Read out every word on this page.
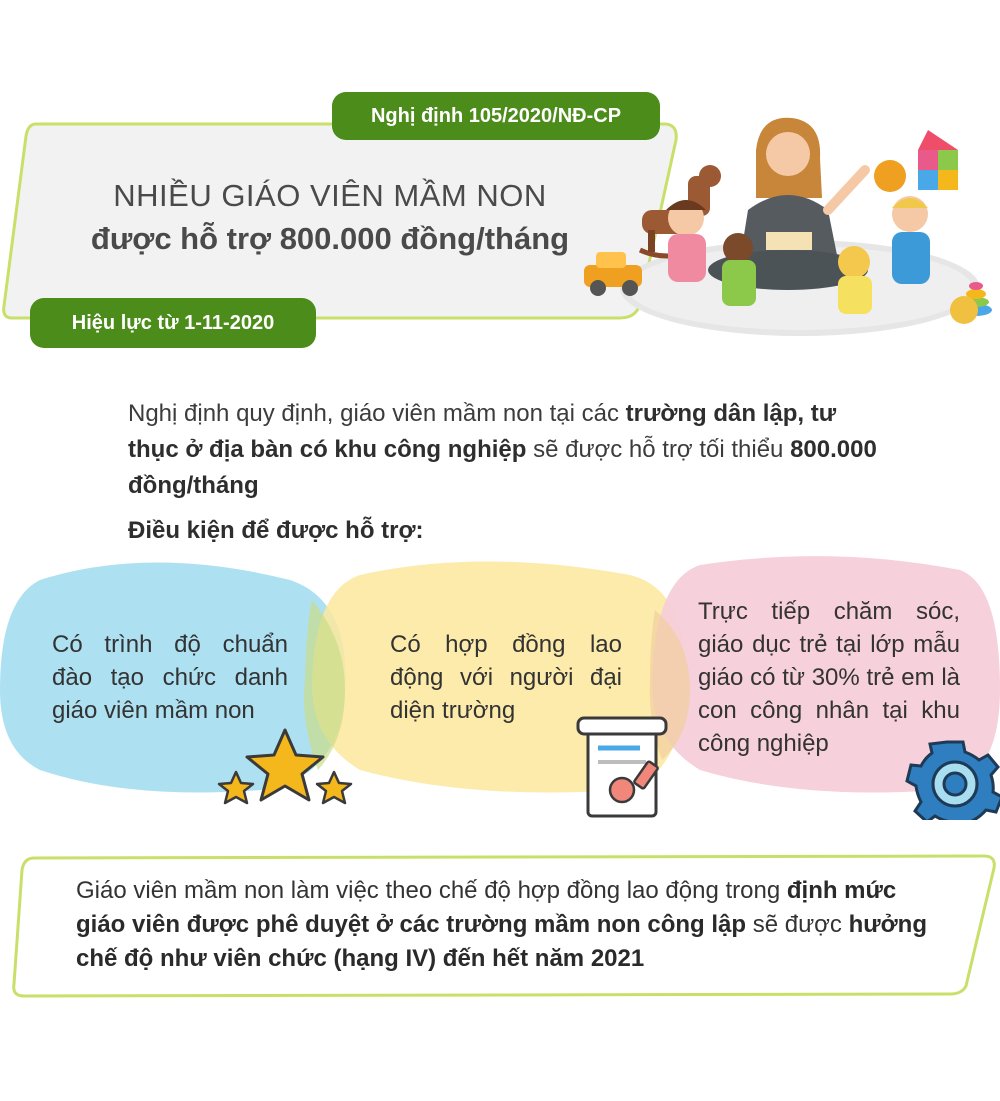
Nghị định 105/2020/NĐ-CP
NHIỀU GIÁO VIÊN MẦM NON
được hỗ trợ 800.000 đồng/tháng
Hiệu lực từ 1-11-2020
Nghị định quy định, giáo viên mầm non tại các trường dân lập, tư thục ở địa bàn có khu công nghiệp sẽ được hỗ trợ tối thiểu 800.000 đồng/tháng
Điều kiện để được hỗ trợ:
Có trình độ chuẩn đào tạo chức danh giáo viên mầm non
Có hợp đồng lao động với người đại diện trường
Trực tiếp chăm sóc, giáo dục trẻ tại lớp mẫu giáo có từ 30% trẻ em là con công nhân tại khu công nghiệp
Giáo viên mầm non làm việc theo chế độ hợp đồng lao động trong định mức giáo viên được phê duyệt ở các trường mầm non công lập sẽ được hưởng chế độ như viên chức (hạng IV) đến hết năm 2021
